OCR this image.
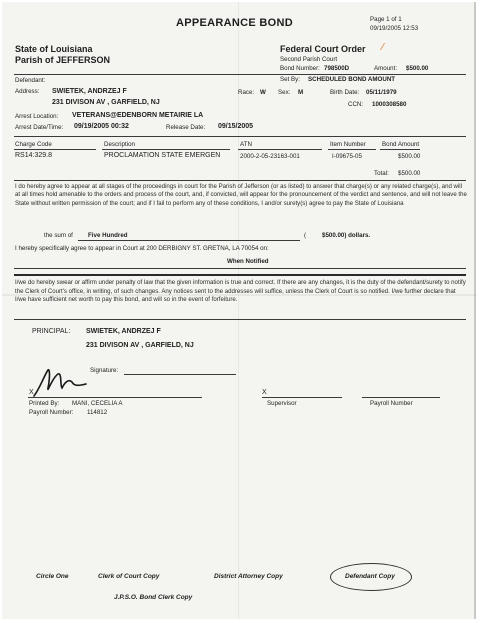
APPEARANCE BOND	Page 1 of 1
09/19/2005 12:53
State of Louisiana
Parish of JEFFERSON
Federal Court Order ⁄
Second Parish Court
Bond Number: 798500D	Amount: $500.00
Defendant:	Set By: SCHEDULED BOND AMOUNT
Address: SWIETEK, ANDRZEJ F	Race: W Sex: M	Birth Date: 05/11/1979
231 DIVISON AV , GARFIELD, NJ	CCN: 1000308580
Arrest Location: VETERANS@EDENBORN METAIRIE LA
Arrest Date/Time: 09/19/2005 00:32	Release Date: 09/15/2005
Charge Code	Description	ATN	Item Number	Bond Amount
RS14:329.8	PROCLAMATION STATE EMERGEN	2000-2-05-23163-001	I-09675-05	$500.00
Total: $500.00
I do hereby agree to appear at all stages of the proceedings in court for the Parish of Jefferson (or as listed) to answer that charge(s) or any related charge(s), and will at all times hold amenable to the orders and process of the court, and, if convicted, will appear for the pronouncement of the verdict and sentence, and will not leave the State without written permission of the court; and if I fail to perform any of these conditions, I and/or surety(s) agree to pay the State of Louisiana
the sum of Five Hundred	(	$500.00) dollars.
I hereby specifically agree to appear in Court at 200 DERBIGNY ST. GRETNA, LA 70054 on:
When Notified
I/we do hereby swear or affirm under penalty of law that the given information is true and correct. If there are any changes, it is the duty of the defendant/surety to notify the Clerk of Court's office, in writing, of such changes. Any notices sent to the addresses will suffice, unless the Clerk of Court is so notified. I/we further declare that I/we have sufficient net worth to pay this bond, and will so in the event of forfeiture.
PRINCIPAL: SWIETEK, ANDRZEJ F
231 DIVISON AV , GARFIELD, NJ
Signature:
X
Printed By: MANI, CECELIA A
Payroll Number: 114812
X
Supervisor	Payroll Number
Circle One	Clerk of Court Copy	District Attorney Copy	Defendant Copy
J.P.S.O. Bond Clerk Copy
